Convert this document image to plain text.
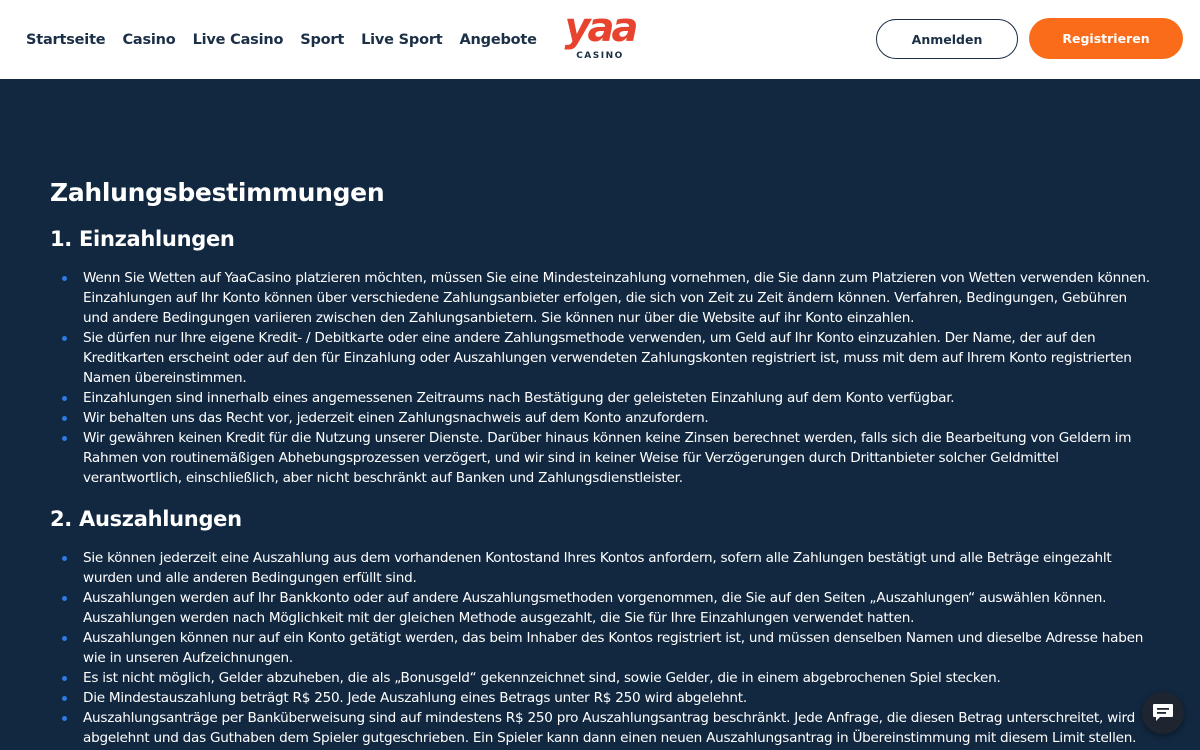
Startseite Casino Live Casino Sport Live Sport Angebote yaa
CASINO
Anmelden	Registrieren
Zahlungsbestimmungen
1. Einzahlungen
Wenn Sie Wetten auf YaaCasino platzieren möchten, müssen Sie eine Mindesteinzahlung vornehmen, die Sie dann zum Platzieren von Wetten verwenden können. Einzahlungen auf Ihr Konto können über verschiedene Zahlungsanbieter erfolgen, die sich von Zeit zu Zeit ändern können. Verfahren, Bedingungen, Gebühren und andere Bedingungen variieren zwischen den Zahlungsanbietern. Sie können nur über die Website auf ihr Konto einzahlen.
Sie dürfen nur Ihre eigene Kredit- / Debitkarte oder eine andere Zahlungsmethode verwenden, um Geld auf Ihr Konto einzuzahlen. Der Name, der auf den Kreditkarten erscheint oder auf den für Einzahlung oder Auszahlungen verwendeten Zahlungskonten registriert ist, muss mit dem auf Ihrem Konto registrierten Namen übereinstimmen.
Einzahlungen sind innerhalb eines angemessenen Zeitraums nach Bestätigung der geleisteten Einzahlung auf dem Konto verfügbar.
Wir behalten uns das Recht vor, jederzeit einen Zahlungsnachweis auf dem Konto anzufordern.
Wir gewähren keinen Kredit für die Nutzung unserer Dienste. Darüber hinaus können keine Zinsen berechnet werden, falls sich die Bearbeitung von Geldern im Rahmen von routinemäßigen Abhebungsprozessen verzögert, und wir sind in keiner Weise für Verzögerungen durch Drittanbieter solcher Geldmittel verantwortlich, einschließlich, aber nicht beschränkt auf Banken und Zahlungsdienstleister.
2. Auszahlungen
Sie können jederzeit eine Auszahlung aus dem vorhandenen Kontostand Ihres Kontos anfordern, sofern alle Zahlungen bestätigt und alle Beträge eingezahlt wurden und alle anderen Bedingungen erfüllt sind.
Auszahlungen werden auf Ihr Bankkonto oder auf andere Auszahlungsmethoden vorgenommen, die Sie auf den Seiten „Auszahlungen“ auswählen können. Auszahlungen werden nach Möglichkeit mit der gleichen Methode ausgezahlt, die Sie für Ihre Einzahlungen verwendet hatten.
Auszahlungen können nur auf ein Konto getätigt werden, das beim Inhaber des Kontos registriert ist, und müssen denselben Namen und dieselbe Adresse haben wie in unseren Aufzeichnungen.
Es ist nicht möglich, Gelder abzuheben, die als „Bonusgeld“ gekennzeichnet sind, sowie Gelder, die in einem abgebrochenen Spiel stecken.
Die Mindestauszahlung beträgt R$ 250. Jede Auszahlung eines Betrags unter R$ 250 wird abgelehnt.
Auszahlungsanträge per Banküberweisung sind auf mindestens R$ 250 pro Auszahlungsantrag beschränkt. Jede Anfrage, die diesen Betrag unterschreitet, wird abgelehnt und das Guthaben dem Spieler gutgeschrieben. Ein Spieler kann dann einen neuen Auszahlungsantrag in Übereinstimmung mit diesem Limit stellen.
